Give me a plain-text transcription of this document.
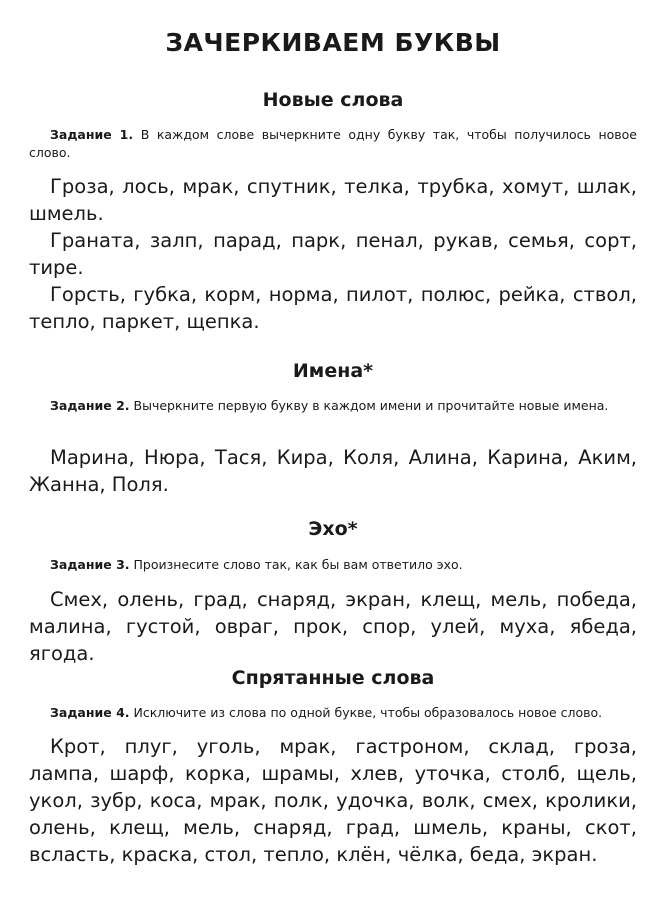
ЗАЧЕРКИВАЕМ БУКВЫ
Новые слова
Задание 1. В каждом слове вычеркните одну букву так, чтобы получилось новое слово.

Гроза, лось, мрак, спутник, телка, трубка, хомут, шлак, шмель.

Граната, залп, парад, парк, пенал, рукав, семья, сорт, тире.

Горсть, губка, корм, норма, пилот, полюс, рейка, ствол, тепло, паркет, щепка.

Имена*
Задание 2. Вычеркните первую букву в каждом имени и прочитайте новые имена.

Марина, Нюра, Тася, Кира, Коля, Алина, Карина, Аким, Жанна, Поля.

Эхо*
Задание 3. Произнесите слово так, как бы вам ответило эхо.

Смех, олень, град, снаряд, экран, клещ, мель, победа, малина, густой, овраг, прок, спор, улей, муха, ябеда, ягода.

Спрятанные слова
Задание 4. Исключите из слова по одной букве, чтобы образовалось новое слово.

Крот, плуг, уголь, мрак, гастроном, склад, гроза, лампа, шарф, корка, шрамы, хлев, уточка, столб, щель, укол, зубр, коса, мрак, полк, удочка, волк, смех, кролики, олень, клещ, мель, снаряд, град, шмель, краны, скот, всласть, краска, стол, тепло, клён, чёлка, беда, экран.
